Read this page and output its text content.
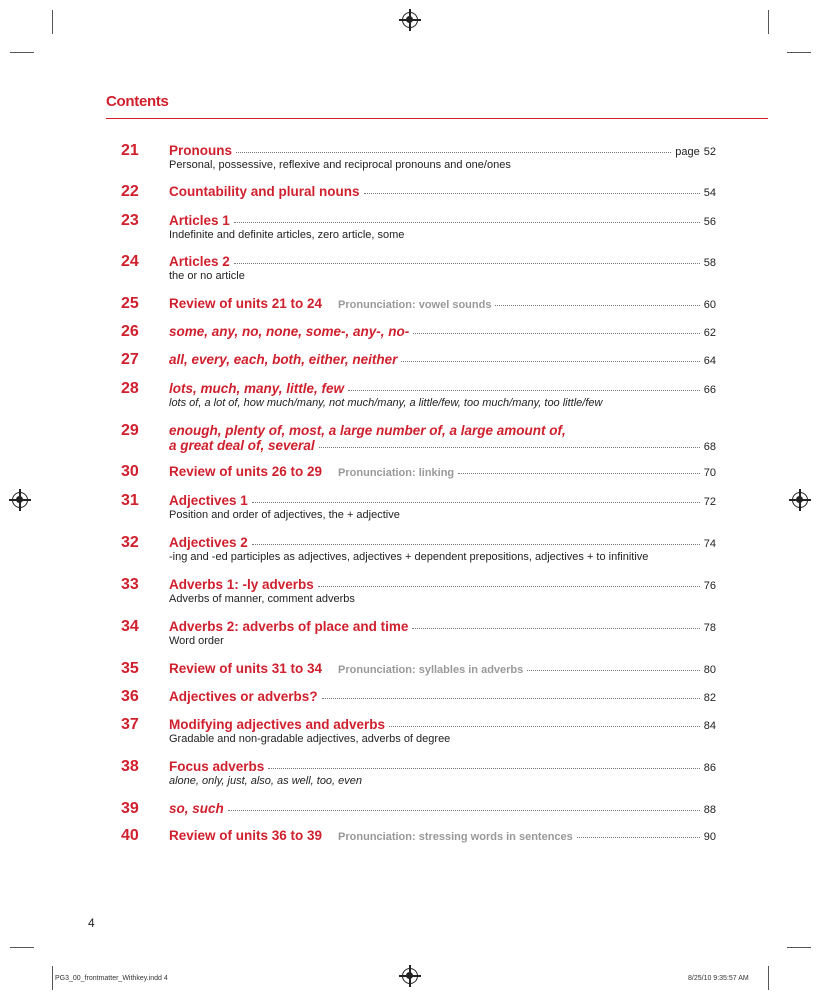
Contents
21 Pronouns	page 52
Personal, possessive, reflexive and reciprocal pronouns and one/ones
22 Countability and plural nouns	54
23 Articles 1	56
Indefinite and definite articles, zero article, some
24 Articles 2	58
the or no article
25 Review of units 21 to 24 Pronunciation: vowel sounds	60
26 some, any, no, none, some-, any-, no-	62
27 all, every, each, both, either, neither	64
28 lots, much, many, little, few	66
lots of, a lot of, how much/many, not much/many, a little/few, too much/many, too little/few
29 enough, plenty of, most, a large number of, a large amount of,
a great deal of, several	68
30 Review of units 26 to 29 Pronunciation: linking	70
31 Adjectives 1	72
Position and order of adjectives, the + adjective
32 Adjectives 2	74
-ing and -ed participles as adjectives, adjectives + dependent prepositions, adjectives + to infinitive
33 Adverbs 1: -ly adverbs	76
Adverbs of manner, comment adverbs
34 Adverbs 2: adverbs of place and time	78
Word order
35 Review of units 31 to 34 Pronunciation: syllables in adverbs	80
36 Adjectives or adverbs?	82
37 Modifying adjectives and adverbs	84
Gradable and non-gradable adjectives, adverbs of degree
38 Focus adverbs	86
alone, only, just, also, as well, too, even
39 so, such	88
40 Review of units 36 to 39 Pronunciation: stressing words in sentences	90
4
PG3_00_frontmatter_Withkey.indd 4	8/25/10 9:35:57 AM
